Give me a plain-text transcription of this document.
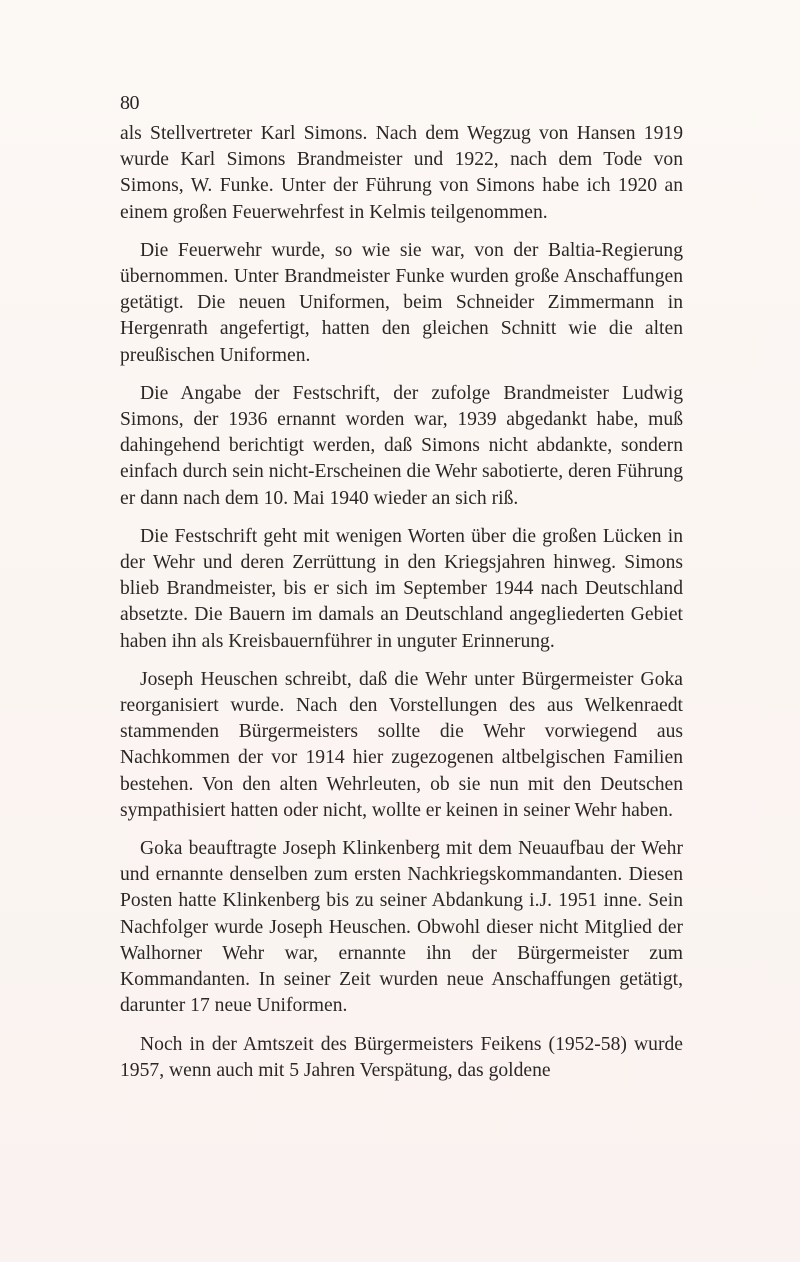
80

als Stellvertreter Karl Simons. Nach dem Wegzug von Hansen 1919 wurde Karl Simons Brandmeister und 1922, nach dem Tode von Simons, W. Funke. Unter der Führung von Simons habe ich 1920 an einem großen Feuerwehrfest in Kelmis teilgenommen.

Die Feuerwehr wurde, so wie sie war, von der Baltia-Regierung übernommen. Unter Brandmeister Funke wurden große Anschaffungen getätigt. Die neuen Uniformen, beim Schneider Zimmermann in Hergenrath angefertigt, hatten den gleichen Schnitt wie die alten preußischen Uniformen.

Die Angabe der Festschrift, der zufolge Brandmeister Ludwig Simons, der 1936 ernannt worden war, 1939 abgedankt habe, muß dahingehend berichtigt werden, daß Simons nicht abdankte, sondern einfach durch sein nicht-Erscheinen die Wehr sabotierte, deren Führung er dann nach dem 10. Mai 1940 wieder an sich riß.

Die Festschrift geht mit wenigen Worten über die großen Lücken in der Wehr und deren Zerrüttung in den Kriegsjahren hinweg. Simons blieb Brandmeister, bis er sich im September 1944 nach Deutschland absetzte. Die Bauern im damals an Deutschland angegliederten Gebiet haben ihn als Kreisbauernführer in unguter Erinnerung.

Joseph Heuschen schreibt, daß die Wehr unter Bürgermeister Goka reorganisiert wurde. Nach den Vorstellungen des aus Welkenraedt stammenden Bürgermeisters sollte die Wehr vorwiegend aus Nachkommen der vor 1914 hier zugezogenen altbelgischen Familien bestehen. Von den alten Wehrleuten, ob sie nun mit den Deutschen sympathisiert hatten oder nicht, wollte er keinen in seiner Wehr haben.

Goka beauftragte Joseph Klinkenberg mit dem Neuaufbau der Wehr und ernannte denselben zum ersten Nachkriegskommandanten. Diesen Posten hatte Klinkenberg bis zu seiner Abdankung i.J. 1951 inne. Sein Nachfolger wurde Joseph Heuschen. Obwohl dieser nicht Mitglied der Walhorner Wehr war, ernannte ihn der Bürgermeister zum Kommandanten. In seiner Zeit wurden neue Anschaffungen getätigt, darunter 17 neue Uniformen.

Noch in der Amtszeit des Bürgermeisters Feikens (1952-58) wurde 1957, wenn auch mit 5 Jahren Verspätung, das goldene
